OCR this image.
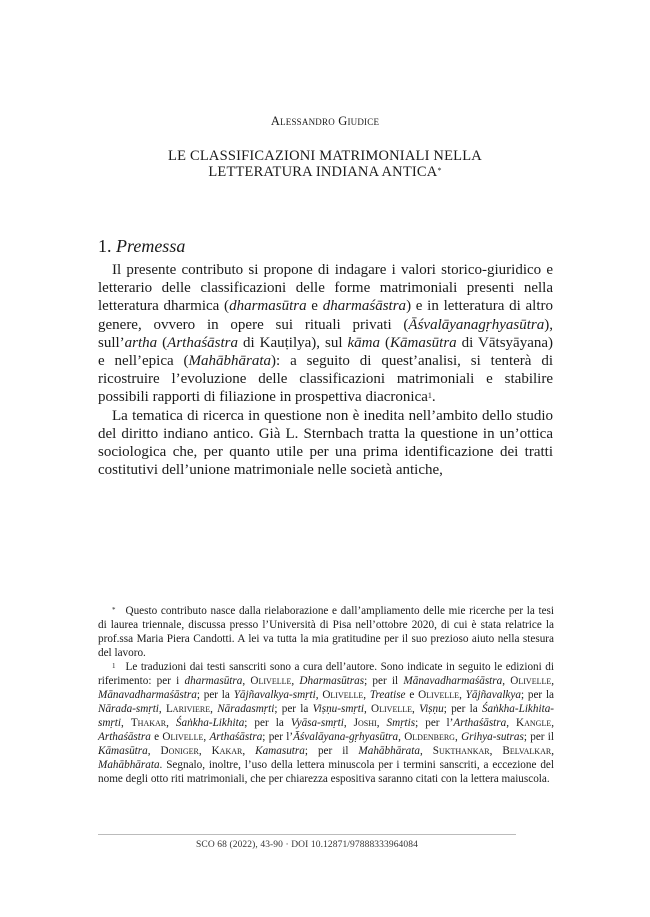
Alessandro Giudice
LE CLASSIFICAZIONI MATRIMONIALI NELLA
LETTERATURA INDIANA ANTICA*
1. Premessa

Il presente contributo si propone di indagare i valori storico-giuridico e letterario delle classificazioni delle forme matrimoniali presenti nella letteratura dharmica (dharmasūtra e dharmaśāstra) e in letteratura di altro genere, ovvero in opere sui rituali privati (Āśvalāyanagṛhyasūtra), sull’artha (Arthaśāstra di Kauṭilya), sul kāma (Kāmasūtra di Vātsyāyana) e nell’epica (Mahābhārata): a seguito di quest’analisi, si tenterà di ricostruire l’evoluzione delle classificazioni matrimoniali e stabilire possibili rapporti di filiazione in prospettiva diacronica$^1$.

La tematica di ricerca in questione non è inedita nell’ambito dello studio del diritto indiano antico. Già L. Sternbach tratta la questione in un’ottica sociologica che, per quanto utile per una prima identificazione dei tratti costitutivi dell’unione matrimoniale nelle società antiche,

* Questo contributo nasce dalla rielaborazione e dall’ampliamento delle mie ricerche per la tesi di laurea triennale, discussa presso l’Università di Pisa nell’ottobre 2020, di cui è stata relatrice la prof.ssa Maria Piera Candotti. A lei va tutta la mia gratitudine per il suo prezioso aiuto nella stesura del lavoro.

$^1$ Le traduzioni dai testi sanscriti sono a cura dell’autore. Sono indicate in seguito le edizioni di riferimento: per i dharmasūtra, Olivelle, Dharmasūtras; per il Mānavadharmaśāstra, Olivelle, Mānavadharmaśāstra; per la Yājñavalkya-smṛti, Olivelle, Treatise e Olivelle, Yājñavalkya; per la Nārada-smṛti, Lariviere, Nāradasmṛti; per la Viṣṇu-smṛti, Olivelle, Viṣṇu; per la Śaṅkha-Likhita-smṛti, Thakar, Śaṅkha-Likhita; per la Vyāsa-smṛti, Joshi, Smṛtis; per l’Arthaśāstra, Kangle, Arthaśāstra e Olivelle, Arthaśāstra; per l’Āśvalāyana-gṛhyasūtra, Oldenberg, Grihya-sutras; per il Kāmasūtra, Doniger, Kakar, Kamasutra; per il Mahābhārata, Sukthankar, Belvalkar, Mahābhārata. Segnalo, inoltre, l’uso della lettera minuscola per i termini sanscriti, a eccezione del nome degli otto riti matrimoniali, che per chiarezza espositiva saranno citati con la lettera maiuscola.

SCO 68 (2022), 43-90 · DOI 10.12871/97888333964084
